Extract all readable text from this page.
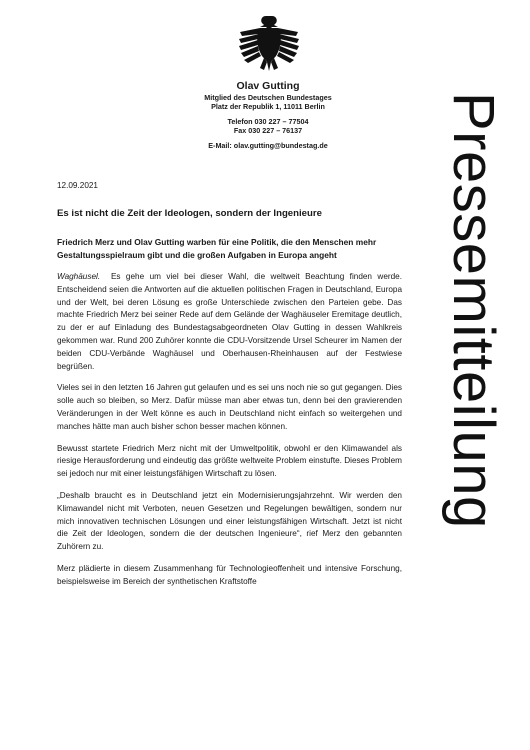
Olav Gutting
Mitglied des Deutschen Bundestages
Platz der Republik 1, 11011 Berlin
Telefon 030 227 – 77504
Fax 030 227 – 76137
E-Mail: olav.gutting@bundestag.de	Pressemitteilung
12.09.2021
Es ist nicht die Zeit der Ideologen, sondern der Ingenieure
Friedrich Merz und Olav Gutting warben für eine Politik, die den Menschen mehr Gestaltungsspielraum gibt und die großen Aufgaben in Europa angeht

Waghäusel. Es gehe um viel bei dieser Wahl, die weltweit Beachtung finden werde. Entscheidend seien die Antworten auf die aktuellen politischen Fragen in Deutschland, Europa und der Welt, bei deren Lösung es große Unterschiede zwischen den Parteien gebe. Das machte Friedrich Merz bei seiner Rede auf dem Gelände der Waghäuseler Eremitage deutlich, zu der er auf Einladung des Bundestagsabgeordneten Olav Gutting in dessen Wahlkreis gekommen war. Rund 200 Zuhörer konnte die CDU-Vorsitzende Ursel Scheurer im Namen der beiden CDU-Verbände Waghäusel und Oberhausen-Rheinhausen auf der Festwiese begrüßen.

Vieles sei in den letzten 16 Jahren gut gelaufen und es sei uns noch nie so gut gegangen. Dies solle auch so bleiben, so Merz. Dafür müsse man aber etwas tun, denn bei den gravierenden Veränderungen in der Welt könne es auch in Deutschland nicht einfach so weitergehen und manches hätte man auch bisher schon besser machen können.

Bewusst startete Friedrich Merz nicht mit der Umweltpolitik, obwohl er den Klimawandel als riesige Herausforderung und eindeutig das größte weltweite Problem einstufte. Dieses Problem sei jedoch nur mit einer leistungsfähigen Wirtschaft zu lösen.

„Deshalb braucht es in Deutschland jetzt ein Modernisierungsjahrzehnt. Wir werden den Klimawandel nicht mit Verboten, neuen Gesetzen und Regelungen bewältigen, sondern nur mich innovativen technischen Lösungen und einer leistungsfähigen Wirtschaft. Jetzt ist nicht die Zeit der Ideologen, sondern die der deutschen Ingenieure“, rief Merz den gebannten Zuhörern zu.

Merz plädierte in diesem Zusammenhang für Technologieoffenheit und intensive Forschung, beispielsweise im Bereich der synthetischen Kraftstoffe
